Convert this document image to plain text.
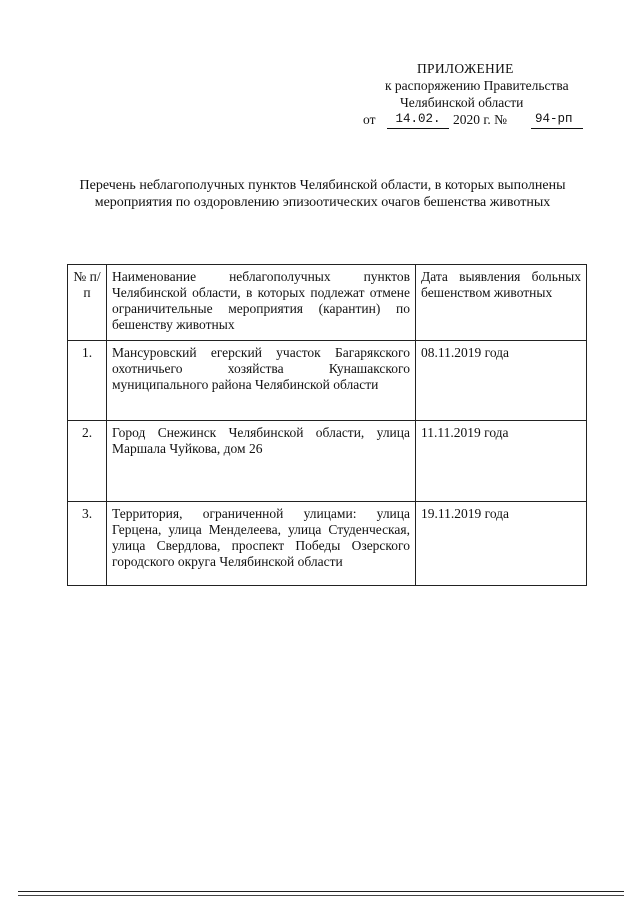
ПРИЛОЖЕНИЕ
к распоряжению Правительства
Челябинской области
от	14.02. 2020 г. №	94-рп
Перечень неблагополучных пунктов Челябинской области, в которых выполнены мероприятия по оздоровлению эпизоотических очагов бешенства животных
№ п/п	Наименование неблагополучных пунктов Челябинской области, в которых подлежат отмене ограничительные мероприятия (карантин) по бешенству животных	Дата выявления больных бешенством животных
1.	Мансуровский егерский участок Багарякского охотничьего хозяйства Кунашакского муниципального района Челябинской области	08.11.2019 года
2.	Город Снежинск Челябинской области, улица Маршала Чуйкова, дом 26	11.11.2019 года
3.	Территория, ограниченной улицами: улица Герцена, улица Менделеева, улица Студенческая, улица Свердлова, проспект Победы Озерского городского округа Челябинской области	19.11.2019 года
